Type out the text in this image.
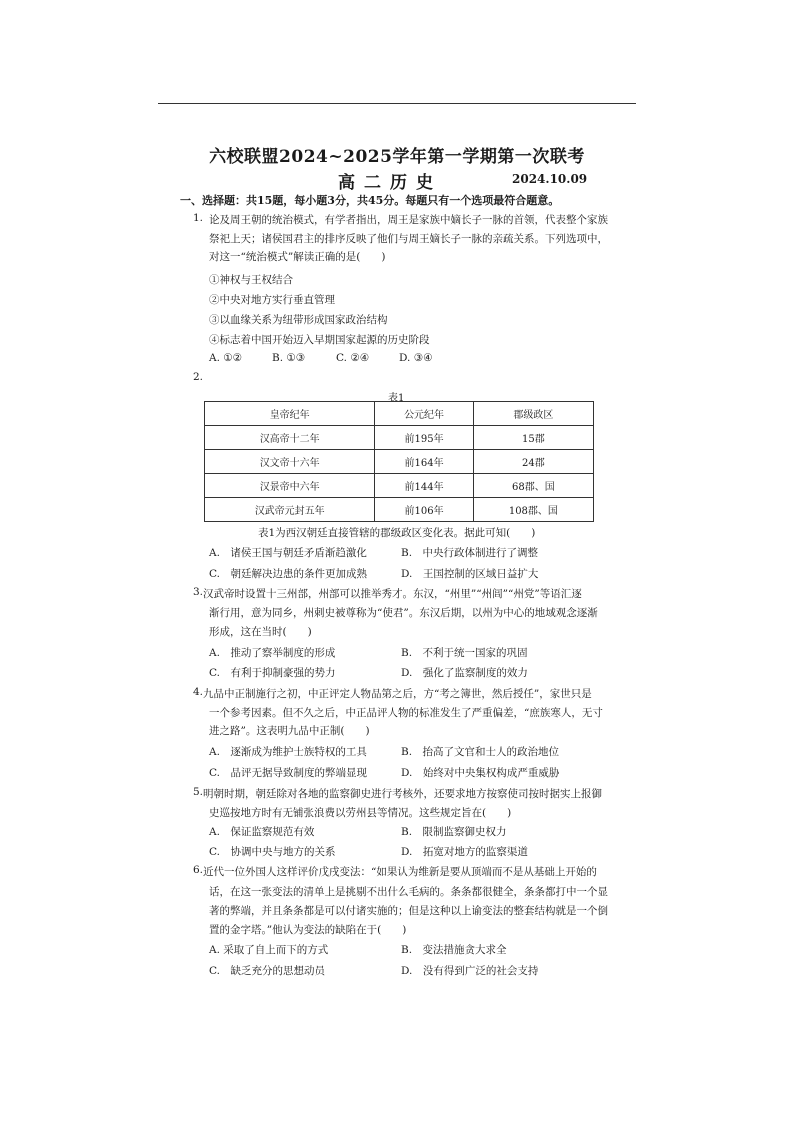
六校联盟2024~2025学年第一学期第一次联考
高二历史	2024.10.09
一、选择题：共15题，每小题3分，共45分。每题只有一个选项最符合题意。
1. 论及周王朝的统治模式，有学者指出，周王是家族中嫡长子一脉的首领，代表整个家族
祭祀上天；诸侯国君主的排序反映了他们与周王嫡长子一脉的亲疏关系。下列选项中，
对这一“统治模式”解读正确的是(　　)
①神权与王权结合
②中央对地方实行垂直管理
③以血缘关系为纽带形成国家政治结构
④标志着中国开始迈入早期国家起源的历史阶段
A. ①②	B. ①③	C. ②④	D. ③④
2.
表1
皇帝纪年	公元纪年	郡级政区
汉高帝十二年	前195年	15郡
汉文帝十六年	前164年	24郡
汉景帝中六年	前144年	68郡、国
汉武帝元封五年	前106年	108郡、国
表1为西汉朝廷直接管辖的郡级政区变化表。据此可知(　　)
A.　诸侯王国与朝廷矛盾渐趋激化	B.　中央行政体制进行了调整
C.　朝廷解决边患的条件更加成熟	D.　王国控制的区域日益扩大
3. 汉武帝时设置十三州部，州部可以推举秀才。东汉，“州里”“州闾”“州党”等语汇逐
渐行用，意为同乡，州刺史被尊称为“使君”。东汉后期，以州为中心的地域观念逐渐
形成，这在当时(　　)
A.　推动了察举制度的形成	B.　不利于统一国家的巩固
C.　有利于抑制豪强的势力	D.　强化了监察制度的效力
4. 九品中正制施行之初，中正评定人物品第之后，方“考之簿世，然后授任”，家世只是
一个参考因素。但不久之后，中正品评人物的标准发生了严重偏差，“庶族寒人，无寸
进之路”。这表明九品中正制(　　)
A.　逐渐成为维护士族特权的工具	B.　抬高了文官和士人的政治地位
C.　品评无据导致制度的弊端显现	D.　始终对中央集权构成严重威胁
5. 明朝时期，朝廷除对各地的监察御史进行考核外，还要求地方按察使司按时据实上报御
史巡按地方时有无铺张浪费以劳州县等情况。这些规定旨在(　　)
A.　保证监察规范有效	B.　限制监察御史权力
C.　协调中央与地方的关系	D.　拓宽对地方的监察渠道
6. 近代一位外国人这样评价戊戌变法：“如果认为维新是要从顶端而不是从基础上开始的
话，在这一张变法的清单上是挑剔不出什么毛病的。条条都很健全，条条都打中一个显
著的弊端，并且条条都是可以付诸实施的；但是这种以上谕变法的整套结构就是一个倒
置的金字塔。”他认为变法的缺陷在于(　　)
A. 采取了自上而下的方式	B.　变法措施贪大求全
C.　缺乏充分的思想动员	D.　没有得到广泛的社会支持
